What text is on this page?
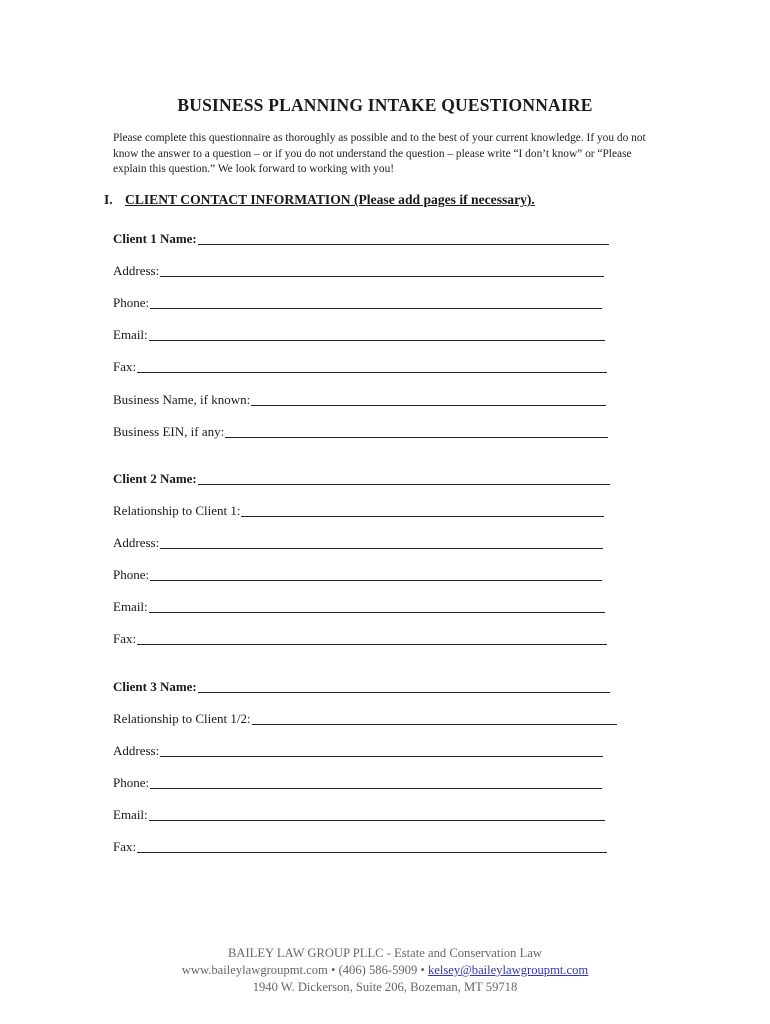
BUSINESS PLANNING INTAKE QUESTIONNAIRE
Please complete this questionnaire as thoroughly as possible and to the best of your current knowledge. If you do not know the answer to a question – or if you do not understand the question – please write “I don’t know” or “Please explain this question.” We look forward to working with you!
I. CLIENT CONTACT INFORMATION (Please add pages if necessary).
Client 1 Name:
Address:
Phone:
Email:
Fax:
Business Name, if known:
Business EIN, if any:
Client 2 Name:
Relationship to Client 1:
Address:
Phone:
Email:
Fax:
Client 3 Name:
Relationship to Client 1/2:
Address:
Phone:
Email:
Fax:
BAILEY LAW GROUP PLLC - Estate and Conservation Law
www.baileylawgroupmt.com • (406) 586-5909 • kelsey@baileylawgroupmt.com
1940 W. Dickerson, Suite 206, Bozeman, MT 59718
